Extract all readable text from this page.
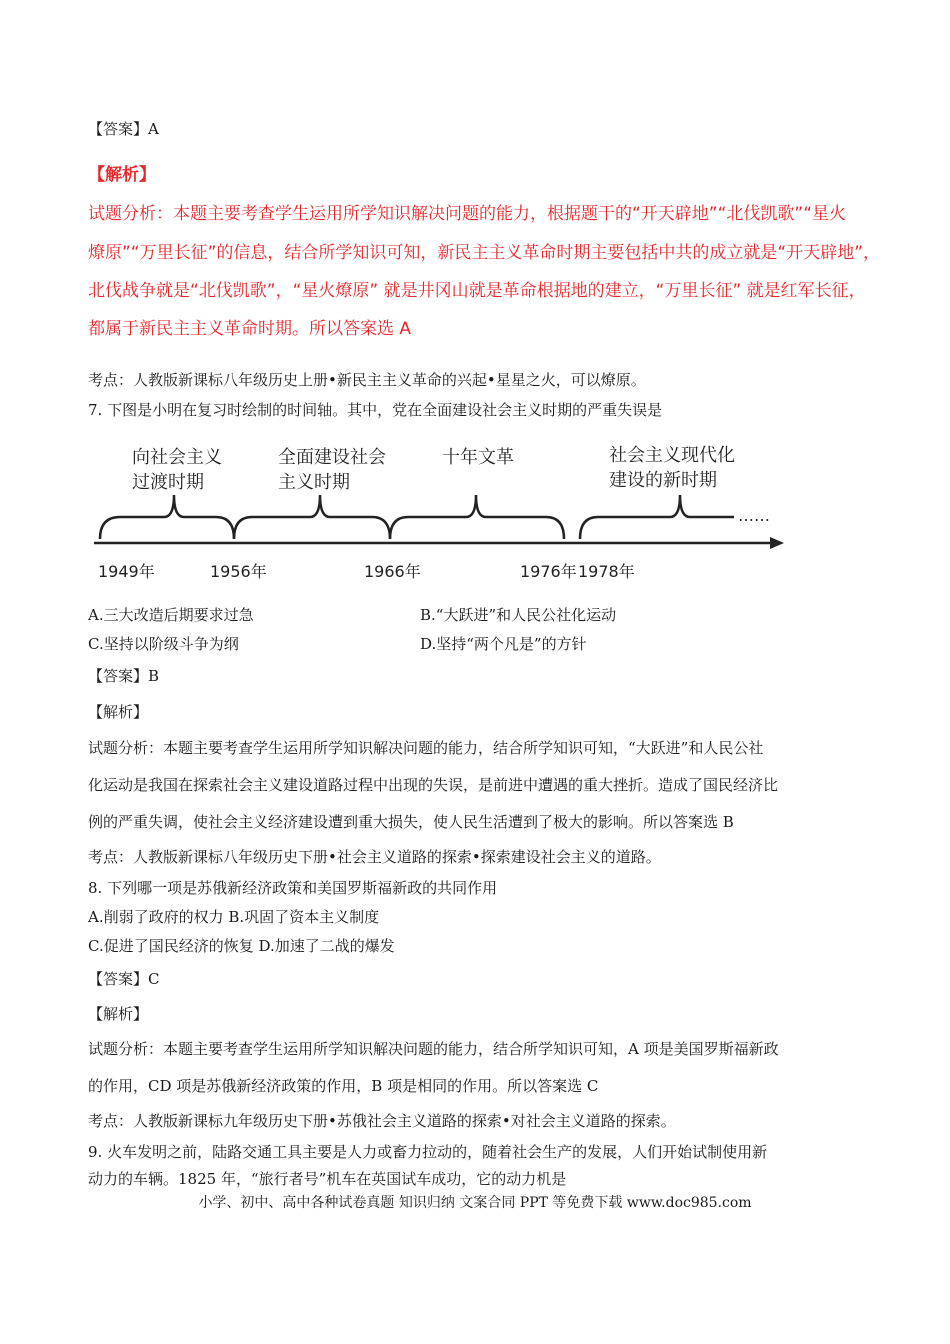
【答案】A
【解析】
试题分析：本题主要考查学生运用所学知识解决问题的能力，根据题干的“开天辟地”“北伐凯歌”“星火
燎原”“万里长征”的信息，结合所学知识可知，新民主主义革命时期主要包括中共的成立就是“开天辟地”，
北伐战争就是“北伐凯歌”，“星火燎原” 就是井冈山就是革命根据地的建立，“万里长征” 就是红军长征，
都属于新民主主义革命时期。所以答案选 A
考点：人教版新课标八年级历史上册•新民主主义革命的兴起•星星之火，可以燎原。
7. 下图是小明在复习时绘制的时间轴。其中，党在全面建设社会主义时期的严重失误是
……
向社会主义
过渡时期
全面建设社会
主义时期
十年文革	社会主义现代化
建设的新时期
1949年	1956年	1966年	1976年 1978年
A.三大改造后期要求过急	B.“大跃进”和人民公社化运动
C.坚持以阶级斗争为纲	D.坚持“两个凡是”的方针
【答案】B
【解析】
试题分析：本题主要考查学生运用所学知识解决问题的能力，结合所学知识可知，“大跃进”和人民公社
化运动是我国在探索社会主义建设道路过程中出现的失误，是前进中遭遇的重大挫折。造成了国民经济比
例的严重失调，使社会主义经济建设遭到重大损失，使人民生活遭到了极大的影响。所以答案选 B
考点：人教版新课标八年级历史下册•社会主义道路的探索•探索建设社会主义的道路。
8. 下列哪一项是苏俄新经济政策和美国罗斯福新政的共同作用
A.削弱了政府的权力 B.巩固了资本主义制度
C.促进了国民经济的恢复 D.加速了二战的爆发
【答案】C
【解析】
试题分析：本题主要考查学生运用所学知识解决问题的能力，结合所学知识可知，A 项是美国罗斯福新政
的作用，CD 项是苏俄新经济政策的作用，B 项是相同的作用。所以答案选 C
考点：人教版新课标九年级历史下册•苏俄社会主义道路的探索•对社会主义道路的探索。
9. 火车发明之前，陆路交通工具主要是人力或畜力拉动的，随着社会生产的发展，人们开始试制使用新
动力的车辆。1825 年，“旅行者号”机车在英国试车成功，它的动力机是
小学、初中、高中各种试卷真题 知识归纳 文案合同 PPT 等免费下载 www.doc985.com
